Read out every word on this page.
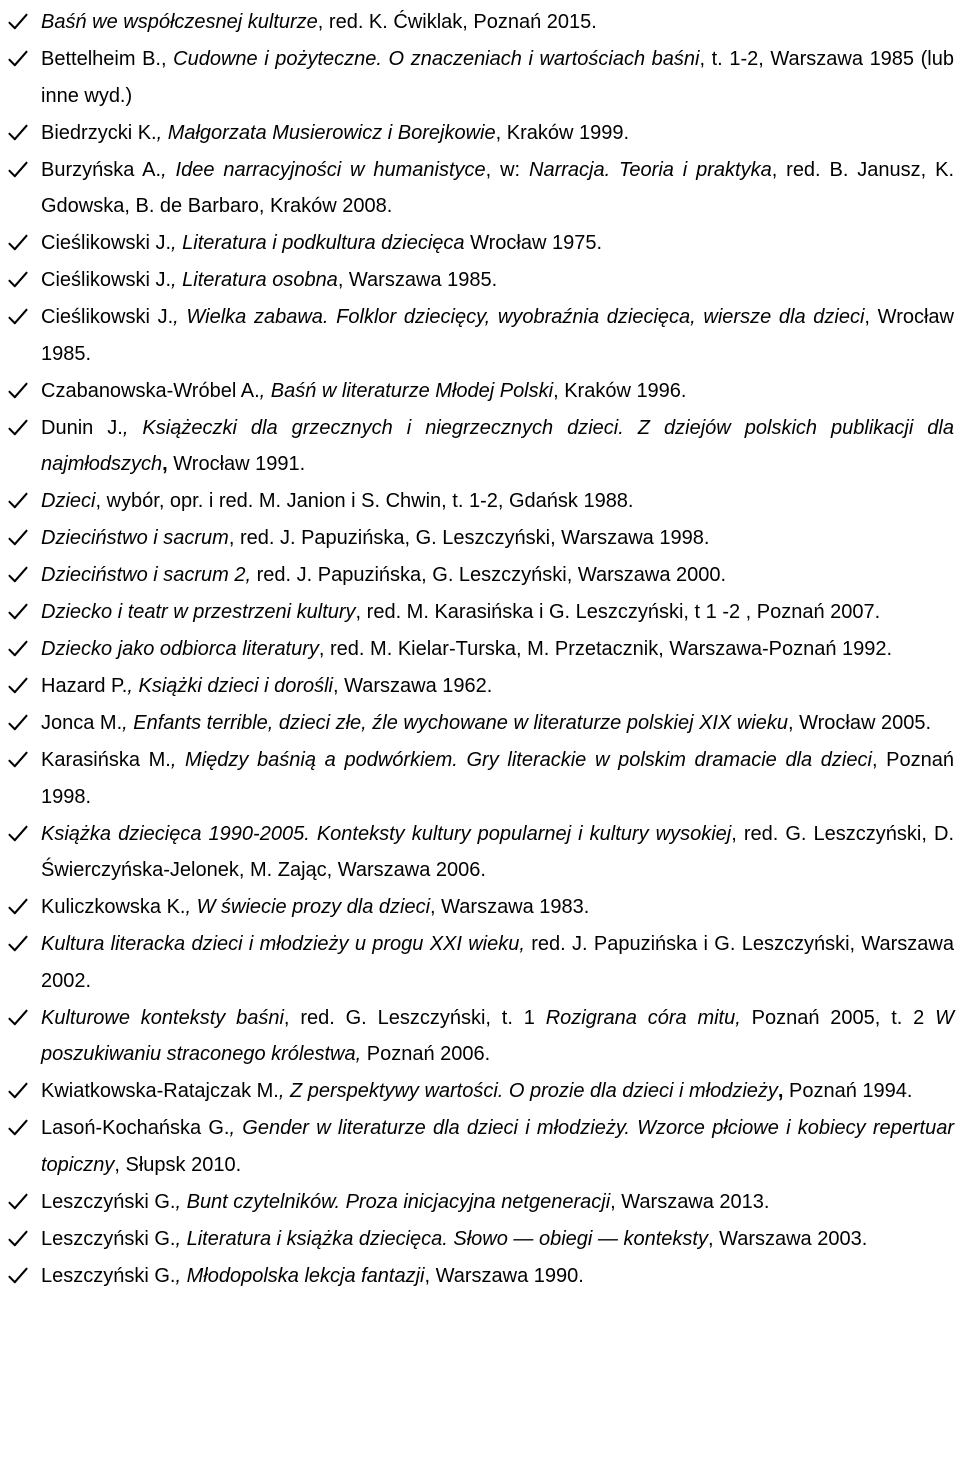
Baśń we współczesnej kulturze, red. K. Ćwiklak, Poznań 2015.
Bettelheim B., Cudowne i pożyteczne. O znaczeniach i wartościach baśni, t. 1-2, Warszawa 1985 (lub inne wyd.)
Biedrzycki K., Małgorzata Musierowicz i Borejkowie, Kraków 1999.
Burzyńska A., Idee narracyjności w humanistyce, w: Narracja. Teoria i praktyka, red. B. Janusz, K. Gdowska, B. de Barbaro, Kraków 2008.
Cieślikowski J., Literatura i podkultura dziecięca Wrocław 1975.
Cieślikowski J., Literatura osobna, Warszawa 1985.
Cieślikowski J., Wielka zabawa. Folklor dziecięcy, wyobraźnia dziecięca, wiersze dla dzieci, Wrocław 1985.
Czabanowska-Wróbel A., Baśń w literaturze Młodej Polski, Kraków 1996.
Dunin J., Książeczki dla grzecznych i niegrzecznych dzieci. Z dziejów polskich publikacji dla najmłodszych, Wrocław 1991.
Dzieci, wybór, opr. i red. M. Janion i S. Chwin, t. 1-2, Gdańsk 1988.
Dzieciństwo i sacrum, red. J. Papuzińska, G. Leszczyński, Warszawa 1998.
Dzieciństwo i sacrum 2, red. J. Papuzińska, G. Leszczyński, Warszawa 2000.
Dziecko i teatr w przestrzeni kultury, red. M. Karasińska i G. Leszczyński, t 1 -2 , Poznań 2007.
Dziecko jako odbiorca literatury, red. M. Kielar-Turska, M. Przetacznik, Warszawa-Poznań 1992.
Hazard P., Książki dzieci i dorośli, Warszawa 1962.
Jonca M., Enfants terrible, dzieci złe, źle wychowane w literaturze polskiej XIX wieku, Wrocław 2005.
Karasińska M., Między baśnią a podwórkiem. Gry literackie w polskim dramacie dla dzieci, Poznań 1998.
Książka dziecięca 1990-2005. Konteksty kultury popularnej i kultury wysokiej, red. G. Leszczyński, D. Świerczyńska-Jelonek, M. Zając, Warszawa 2006.
Kuliczkowska K., W świecie prozy dla dzieci, Warszawa 1983.
Kultura literacka dzieci i młodzieży u progu XXI wieku, red. J. Papuzińska i G. Leszczyński, Warszawa 2002.
Kulturowe konteksty baśni, red. G. Leszczyński, t. 1 Rozigrana córa mitu, Poznań 2005, t. 2 W poszukiwaniu straconego królestwa, Poznań 2006.
Kwiatkowska-Ratajczak M., Z perspektywy wartości. O prozie dla dzieci i młodzieży, Poznań 1994.
Lasoń-Kochańska G., Gender w literaturze dla dzieci i młodzieży. Wzorce płciowe i kobiecy repertuar topiczny, Słupsk 2010.
Leszczyński G., Bunt czytelników. Proza inicjacyjna netgeneracji, Warszawa 2013.
Leszczyński G., Literatura i książka dziecięca. Słowo — obiegi — konteksty, Warszawa 2003.
Leszczyński G., Młodopolska lekcja fantazji, Warszawa 1990.
